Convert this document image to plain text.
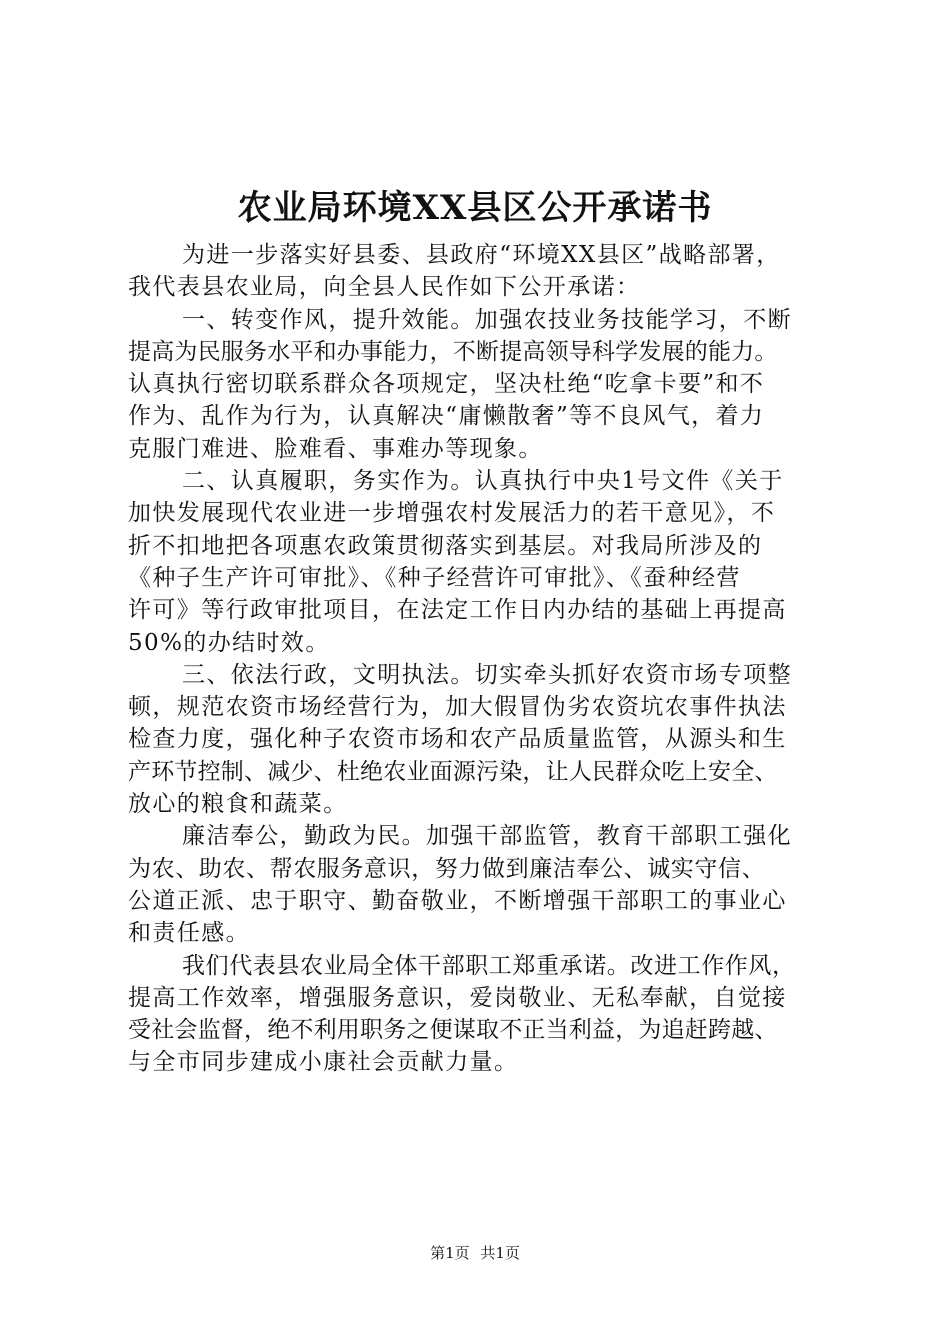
农业局环境XX县区公开承诺书
为进一步落实好县委、县政府“环境XX县区”战略部署，
我代表县农业局，向全县人民作如下公开承诺：
一、转变作风，提升效能。加强农技业务技能学习，不断
提高为民服务水平和办事能力，不断提高领导科学发展的能力。
认真执行密切联系群众各项规定，坚决杜绝“吃拿卡要”和不
作为、乱作为行为，认真解决“庸懒散奢”等不良风气，着力
克服门难进、脸难看、事难办等现象。
二、认真履职，务实作为。认真执行中央1号文件《关于
加快发展现代农业进一步增强农村发展活力的若干意见》，不
折不扣地把各项惠农政策贯彻落实到基层。对我局所涉及的
《种子生产许可审批》、《种子经营许可审批》、《蚕种经营
许可》等行政审批项目，在法定工作日内办结的基础上再提高
50%的办结时效。
三、依法行政，文明执法。切实牵头抓好农资市场专项整
顿，规范农资市场经营行为，加大假冒伪劣农资坑农事件执法
检查力度，强化种子农资市场和农产品质量监管，从源头和生
产环节控制、减少、杜绝农业面源污染，让人民群众吃上安全、
放心的粮食和蔬菜。
廉洁奉公，勤政为民。加强干部监管，教育干部职工强化
为农、助农、帮农服务意识，努力做到廉洁奉公、诚实守信、
公道正派、忠于职守、勤奋敬业，不断增强干部职工的事业心
和责任感。
我们代表县农业局全体干部职工郑重承诺。改进工作作风，
提高工作效率，增强服务意识，爱岗敬业、无私奉献，自觉接
受社会监督，绝不利用职务之便谋取不正当利益，为追赶跨越、
与全市同步建成小康社会贡献力量。
第1页 共1页
